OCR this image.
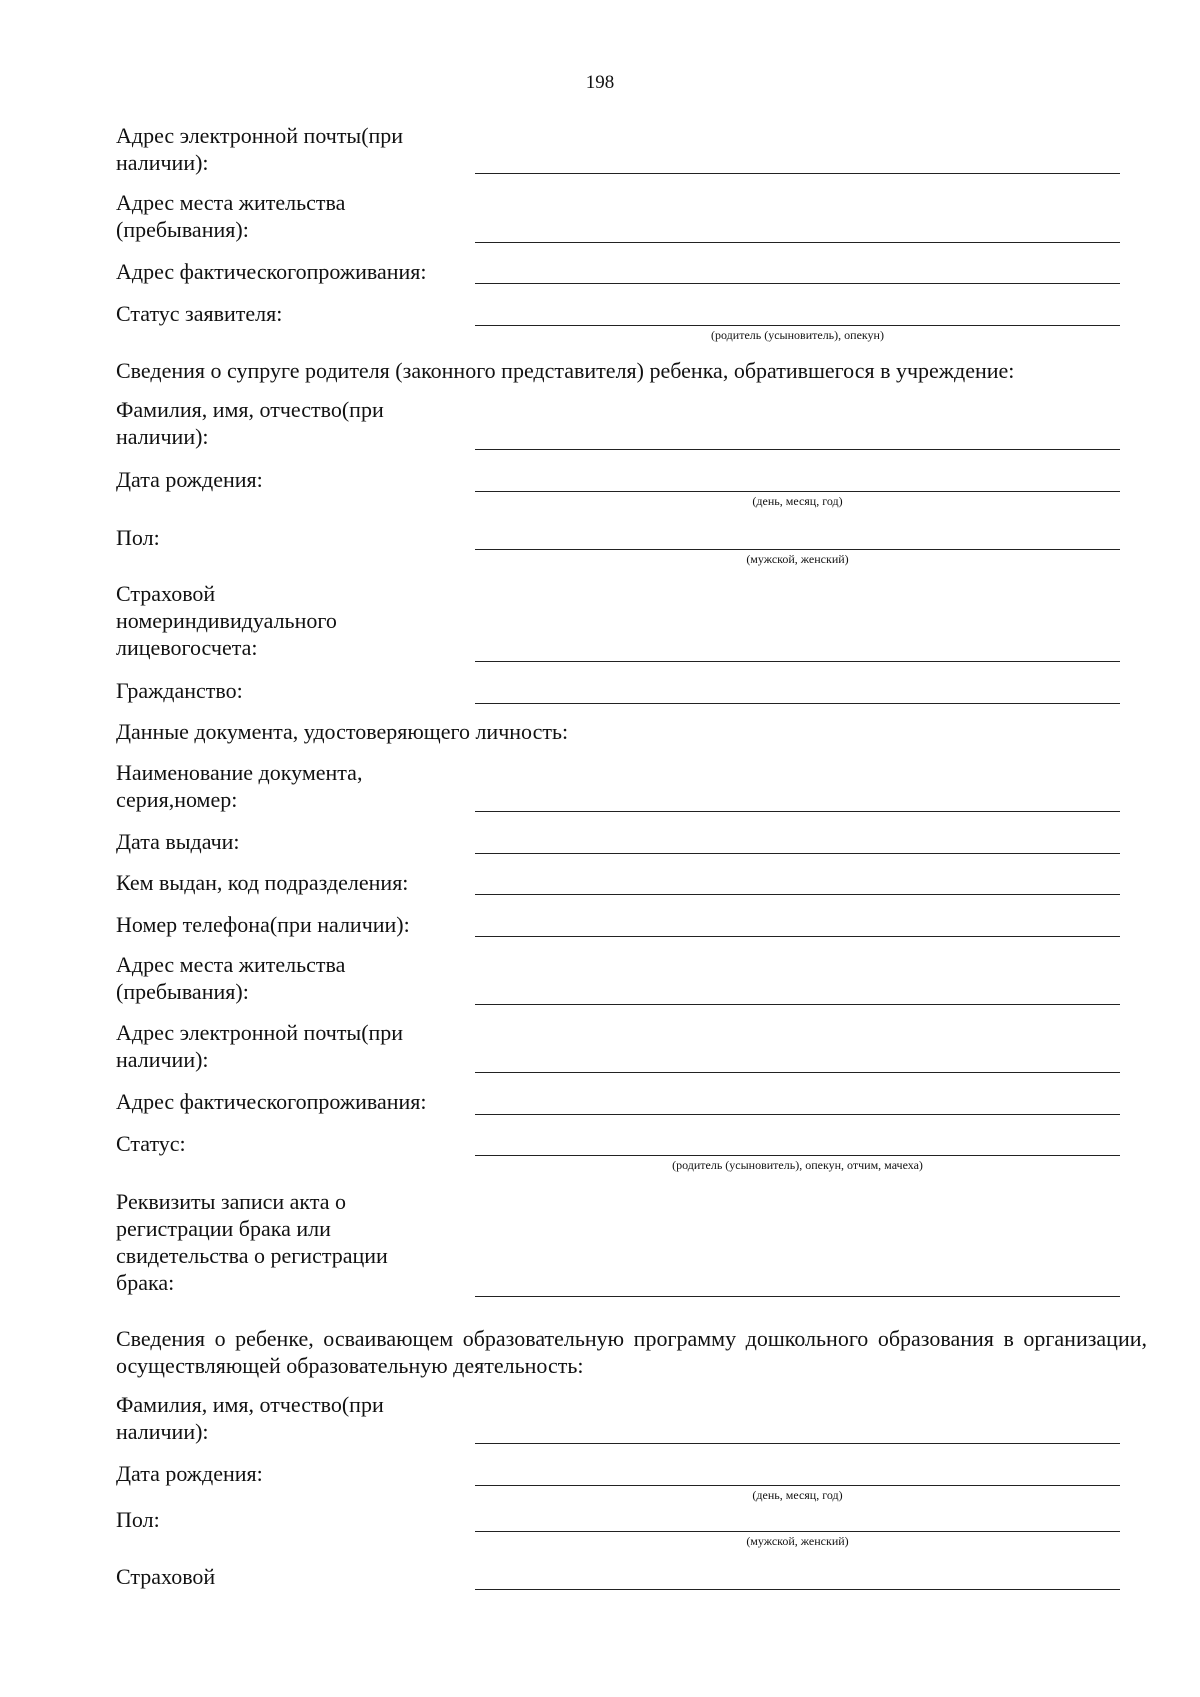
198
Адрес электронной почты(при
наличии):
Адрес места жительства
(пребывания):
Адрес фактическогопроживания:
Статус заявителя:
(родитель (усыновитель), опекун)
Сведения о супруге родителя (законного представителя) ребенка, обратившегося в учреждение:
Фамилия, имя, отчество(при
наличии):
Дата рождения:
(день, месяц, год)
Пол:
(мужской, женский)
Страховой
номериндивидуального
лицевогосчета:
Гражданство:
Данные документа, удостоверяющего личность:
Наименование документа,
серия,номер:
Дата выдачи:
Кем выдан, код подразделения:
Номер телефона(при наличии):
Адрес места жительства
(пребывания):
Адрес электронной почты(при
наличии):
Адрес фактическогопроживания:
Статус:
(родитель (усыновитель), опекун, отчим, мачеха)
Реквизиты записи акта о
регистрации брака или
свидетельства о регистрации
брака:
Сведения о ребенке, осваивающем образовательную программу дошкольного образования в организации, осуществляющей образовательную деятельность:
Фамилия, имя, отчество(при
наличии):
Дата рождения:
(день, месяц, год)
Пол:
(мужской, женский)
Страховой
